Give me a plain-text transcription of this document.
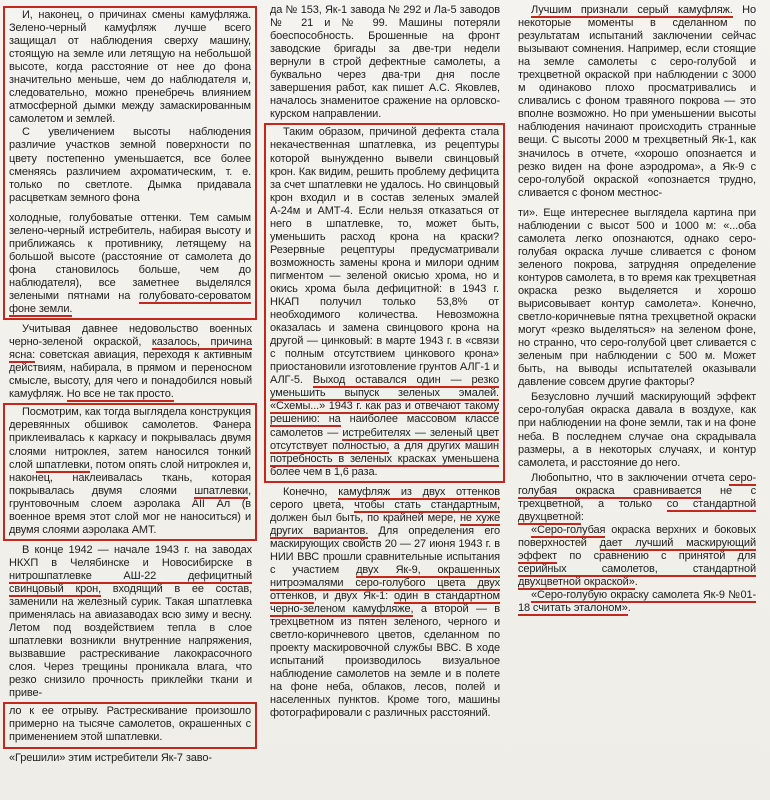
И, наконец, о причинах смены камуфляжа. Зелено-черный камуфляж лучше всего защищал от наблюдения сверху машину, стоящую на земле или летящую на небольшой высоте, когда расстояние от нее до фона значительно меньше, чем до наблюдателя и, следовательно, можно пренебречь влиянием атмосферной дымки между замаскированным самолетом и землей.

С увеличением высоты наблюдения различие участков земной поверхности по цвету постепенно уменьшается, все более сменяясь различием ахроматическим, т. е. только по светлоте. Дымка придавала расцветкам земного фона

холодные, голубоватые оттенки. Тем самым зелено-черный истребитель, набирая высоту и приближаясь к противнику, летящему на большой высоте (расстояние от самолета до фона становилось больше, чем до наблюдателя), все заметнее выделялся зелеными пятнами на голубовато-сероватом фоне земли.

Учитывая давнее недовольство военных черно-зеленой окраской, казалось, причина ясна: советская авиация, переходя к активным действиям, набирала, в прямом и переносном смысле, высоту, для чего и понадобился новый камуфляж. Но все не так просто.

Посмотрим, как тогда выглядела конструкция деревянных обшивок самолетов. Фанера приклеивалась к каркасу и покрывалась двумя слоями нитроклея, затем наносился тонкий слой шпатлевки, потом опять слой нитроклея и, наконец, наклеивалась ткань, которая покрывалась двумя слоями шпатлевки, грунтовочным слоем аэролака АII Ал (в военное время этот слой мог не наноситься) и двумя слоями аэролака АМТ.

В конце 1942 — начале 1943 г. на заводах НКХП в Челябинске и Новосибирске в нитрошпатлевке АШ-22 дефицитный свинцовый крон, входящий в ее состав, заменили на железный сурик. Такая шпатлевка применялась на авиазаводах всю зиму и весну. Летом под воздействием тепла в слое шпатлевки возникли внутренние напряжения, вызвавшие растрескивание лакокрасочного слоя. Через трещины проникала влага, что резко снизило прочность приклейки ткани и приве-

ло к ее отрыву. Растрескивание произошло примерно на тысяче самолетов, окрашенных с применением этой шпатлевки.

«Грешили» этим истребители Як-7 заво-

да № 153, Як-1 завода № 292 и Ла-5 заводов № 21 и № 99. Машины потеряли боеспособность. Брошенные на фронт заводские бригады за две-три недели вернули в строй дефектные самолеты, а буквально через два-три дня после завершения работ, как пишет А.С. Яковлев, началось знаменитое сражение на орловско-курском направлении.

Таким образом, причиной дефекта стала некачественная шпатлевка, из рецептуры которой вынужденно вывели свинцовый крон. Как видим, решить проблему дефицита за счет шпатлевки не удалось. Но свинцовый крон входил и в состав зеленых эмалей А-24м и АМТ-4. Если нельзя отказаться от него в шпатлевке, то, может быть, уменьшить расход крона на краски? Резервные рецептуры предусматривали возможность замены крона и милори одним пигментом — зеленой окисью хрома, но и окись хрома была дефицитной: в 1943 г. НКАП получил только 53,8% от необходимого количества. Невозможна оказалась и замена свинцового крона на другой — цинковый: в марте 1943 г. в «связи с полным отсутствием цинкового крона» приостановили изготовление грунтов АЛГ-1 и АЛГ-5. Выход оставался один — резко уменьшить выпуск зеленых эмалей. «Схемы...» 1943 г. как раз и отвечают такому решению: на наиболее массовом классе самолетов — истребителях — зеленый цвет отсутствует полностью, а для других машин потребность в зеленых красках уменьшена более чем в 1,6 раза.

Конечно, камуфляж из двух оттенков серого цвета, чтобы стать стандартным, должен был быть, по крайней мере, не хуже других вариантов. Для определения его маскирующих свойств 20 — 27 июня 1943 г. в НИИ ВВС прошли сравнительные испытания с участием двух Як-9, окрашенных нитроэмалями серо-голубого цвета двух оттенков, и двух Як-1: один в стандартном черно-зеленом камуфляже, а второй — в трехцветном из пятен зеленого, черного и светло-коричневого цветов, сделанном по проекту маскировочной службы ВВС. В ходе испытаний производилось визуальное наблюдение самолетов на земле и в полете на фоне неба, облаков, лесов, полей и населенных пунктов. Кроме того, машины фотографировали с различных расстояний.

Лучшим признали серый камуфляж. Но некоторые моменты в сделанном по результатам испытаний заключении сейчас вызывают сомнения. Например, если стоящие на земле самолеты с серо-голубой и трехцветной окраской при наблюдении с 3000 м одинаково плохо просматривались и сливались с фоном травяного покрова — это вполне возможно. Но при уменьшении высоты наблюдения начинают происходить странные вещи. С высоты 2000 м трехцветный Як-1, как значилось в отчете, «хорошо опознается и резко виден на фоне аэродрома», а Як-9 с серо-голубой окраской «опознается трудно, сливается с фоном местнос-

ти». Еще интереснее выглядела картина при наблюдении с высот 500 и 1000 м: «...оба самолета легко опознаются, однако серо-голубая окраска лучше сливается с фоном зеленого покрова, затрудняя определение контуров самолета, в то время как трехцветная окраска резко выделяется и хорошо вырисовывает контур самолета». Конечно, светло-коричневые пятна трехцветной окраски могут «резко выделяться» на зеленом фоне, но странно, что серо-голубой цвет сливается с зеленым при наблюдении с 500 м. Может быть, на выводы испытателей оказывали давление совсем другие факторы?

Безусловно лучший маскирующий эффект серо-голубая окраска давала в воздухе, как при наблюдении на фоне земли, так и на фоне неба. В последнем случае она скрадывала размеры, а в некоторых случаях, и контур самолета, и расстояние до него.

Любопытно, что в заключении отчета серо-голубая окраска сравнивается не с трехцветной, а только со стандартной двухцветной:

«Серо-голубая окраска верхних и боковых поверхностей дает лучший маскирующий эффект по сравнению с принятой для серийных самолетов, стандартной двухцветной окраской».

«Серо-голубую окраску самолета Як-9 №01-18 считать эталоном».
